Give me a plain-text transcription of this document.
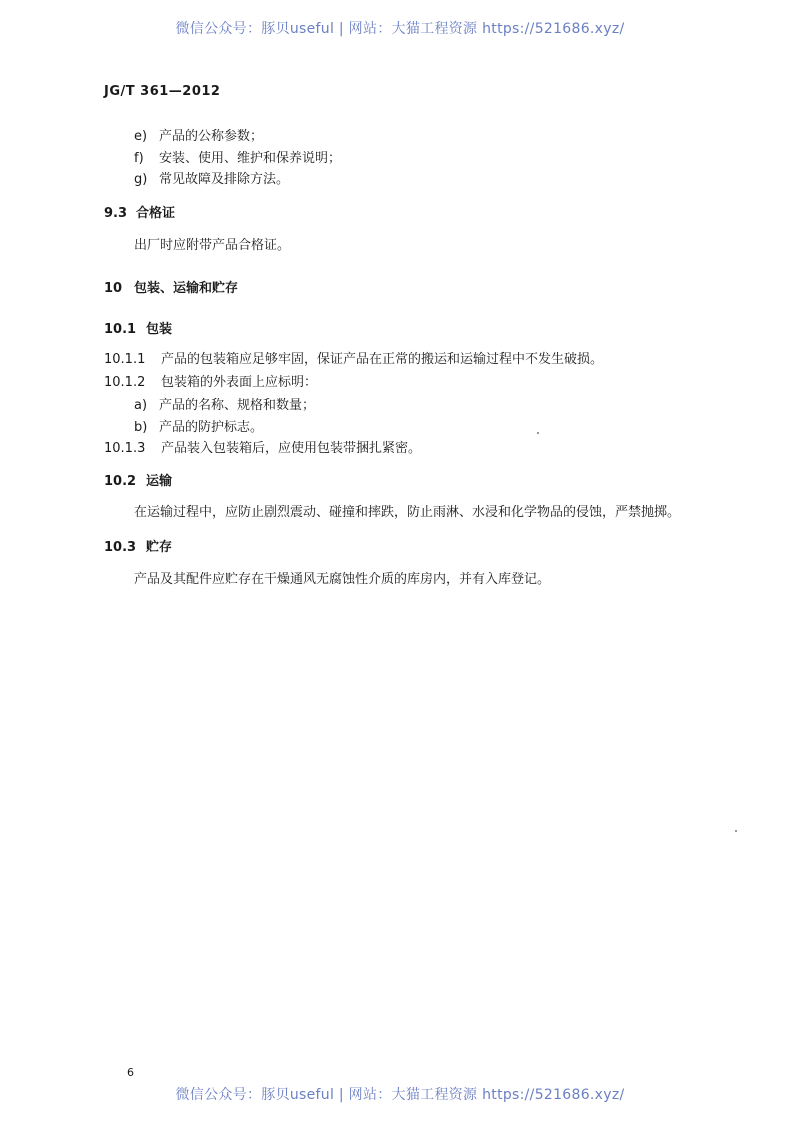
微信公众号：豚贝useful | 网站：大猫工程资源 https://521686.xyz/
JG/T 361—2012
e) 产品的公称参数；
f) 安装、使用、维护和保养说明；
g) 常见故障及排除方法。
9.3 合格证
出厂时应附带产品合格证。
10 包装、运输和贮存
10.1 包装
10.1.1 产品的包装箱应足够牢固，保证产品在正常的搬运和运输过程中不发生破损。
10.1.2 包装箱的外表面上应标明：
a) 产品的名称、规格和数量；
b) 产品的防护标志。
10.1.3 产品装入包装箱后，应使用包装带捆扎紧密。
10.2 运输
在运输过程中，应防止剧烈震动、碰撞和摔跌，防止雨淋、水浸和化学物品的侵蚀，严禁抛掷。
10.3 贮存
产品及其配件应贮存在干燥通风无腐蚀性介质的库房内，并有入库登记。
6
微信公众号：豚贝useful | 网站：大猫工程资源 https://521686.xyz/
